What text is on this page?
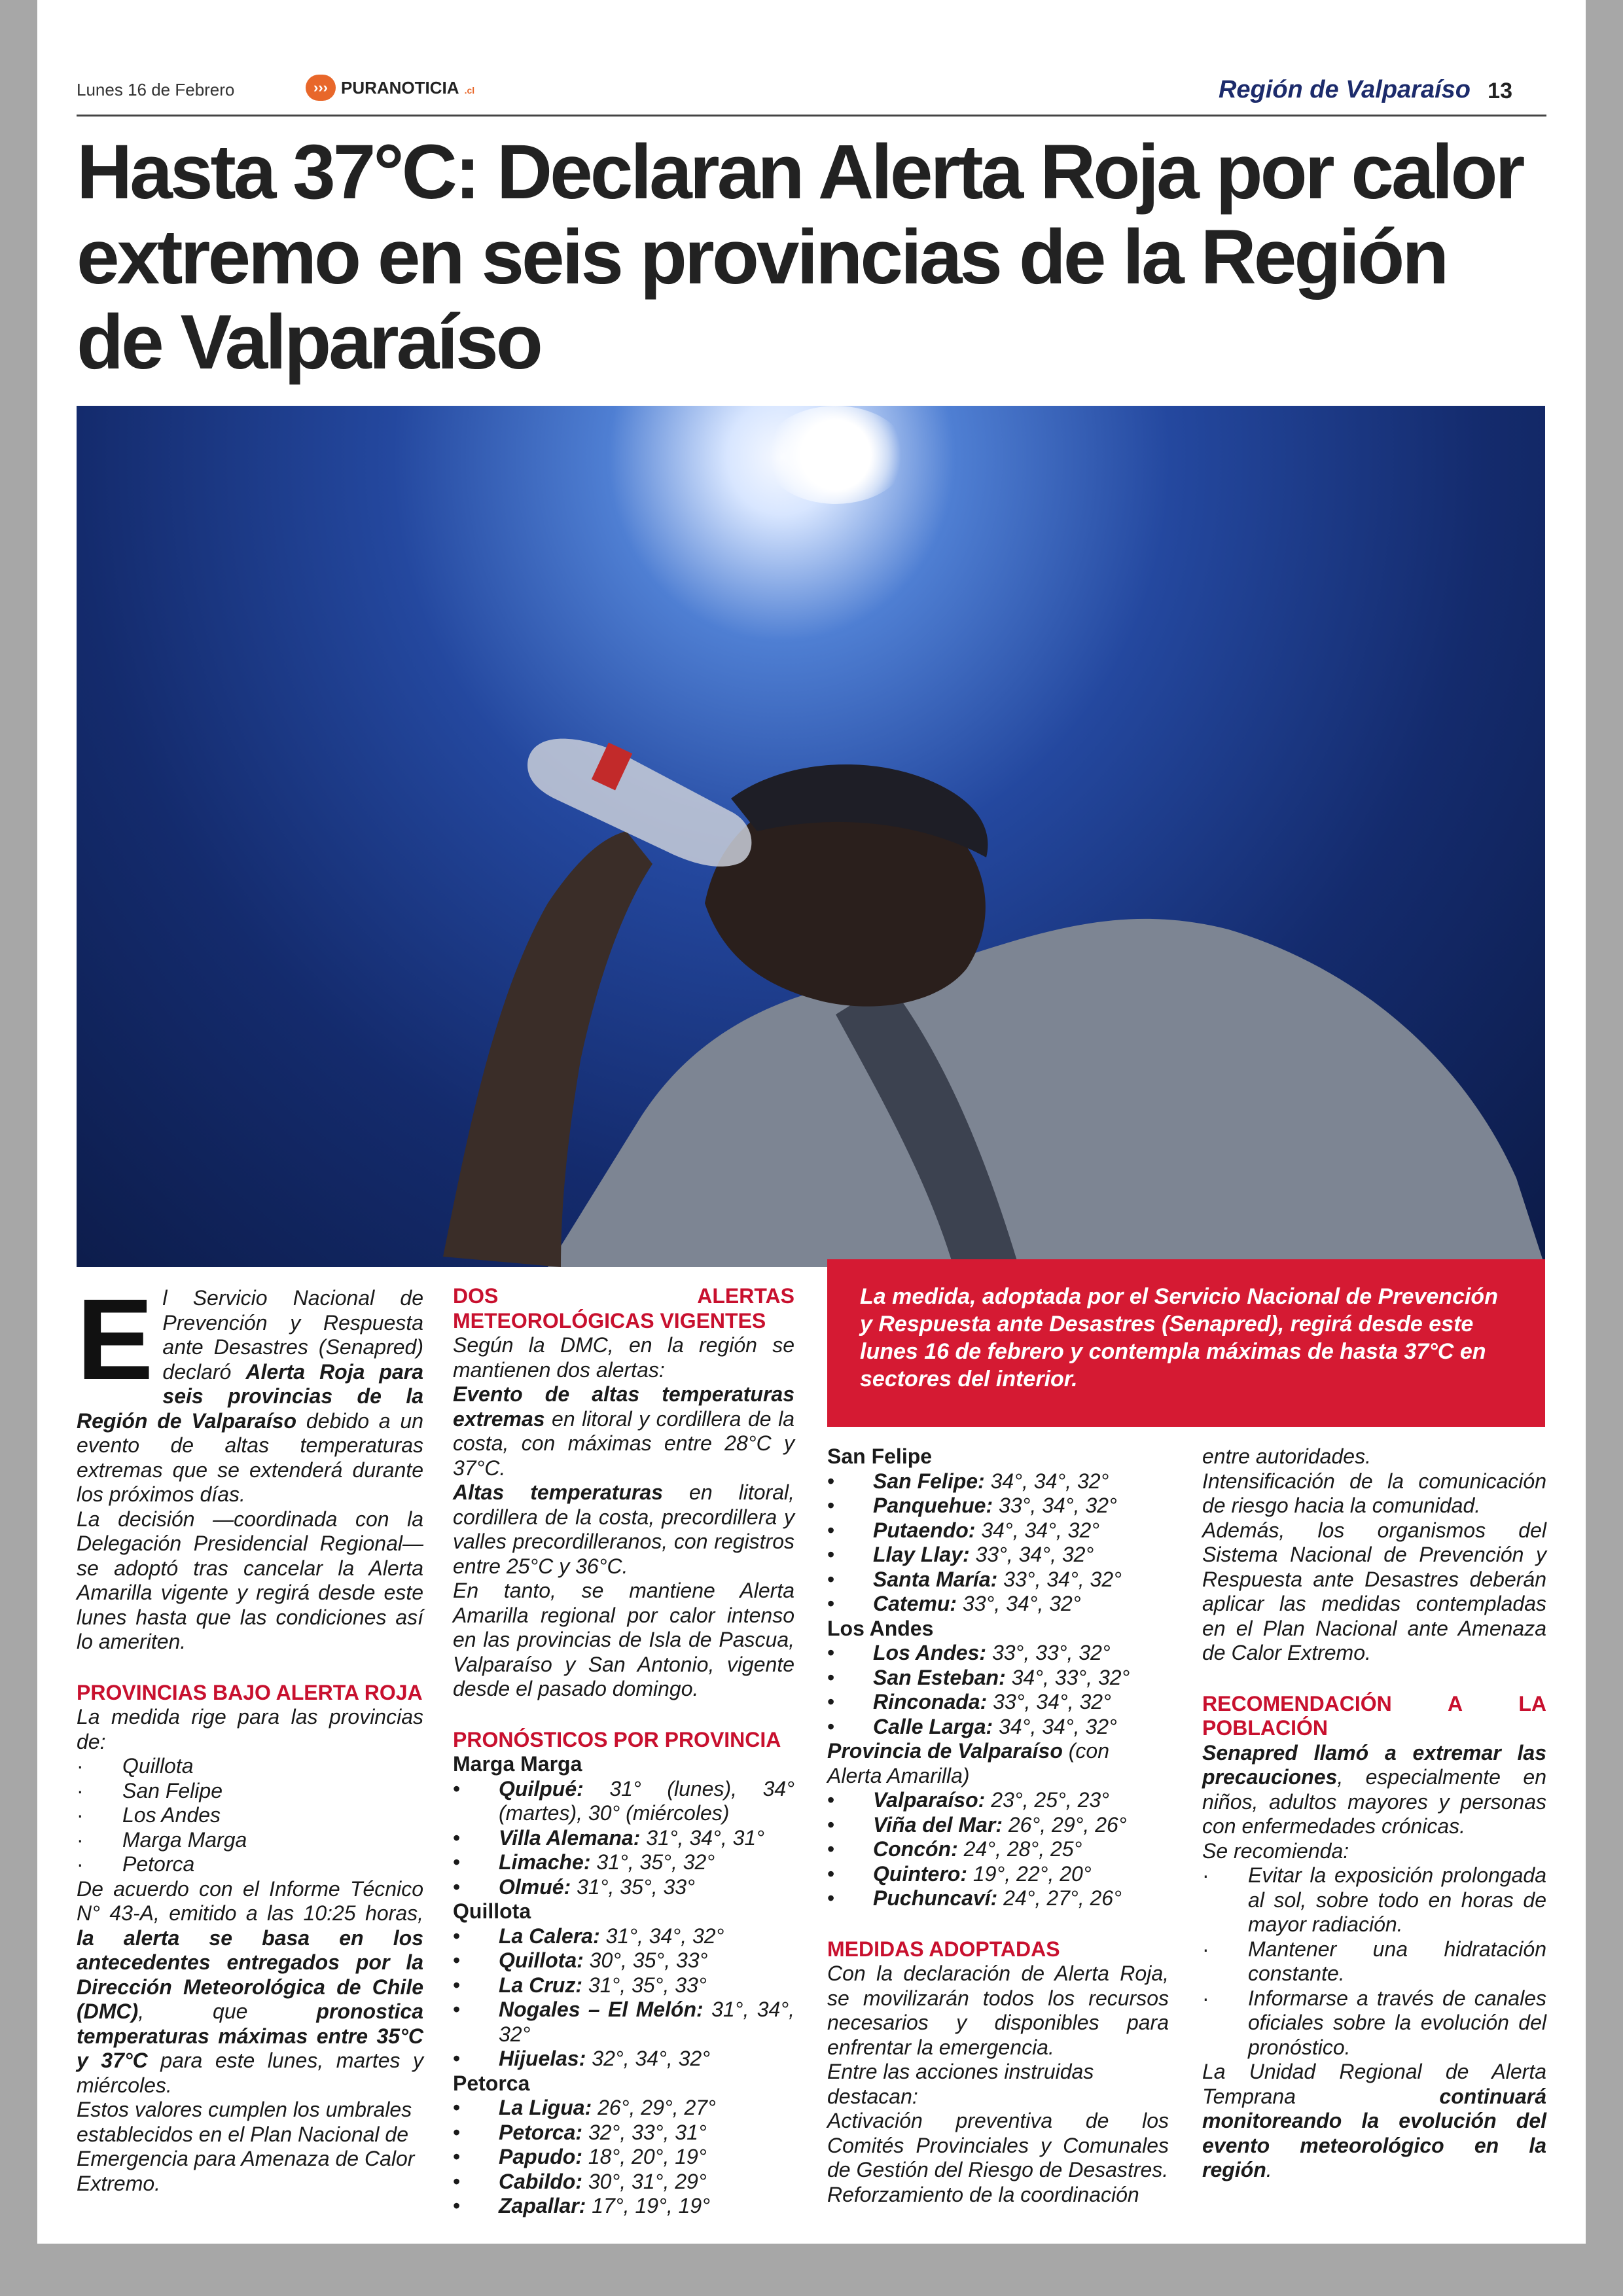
Lunes 16 de Febrero	››› PURANOTICIA .cl	Región de Valparaíso 13
Hasta 37°C: Declaran Alerta Roja por calor extremo en seis provincias de la Región de Valparaíso

El Servicio Nacional de Prevención y Respuesta ante Desastres (Senapred) declaró Alerta Roja para seis provincias de la Región de Valparaíso debido a un evento de altas temperaturas extremas que se extenderá durante los próximos días.

La decisión —coordinada con la Delegación Presidencial Regional— se adoptó tras cancelar la Alerta Amarilla vigente y regirá desde este lunes hasta que las condiciones así lo ameriten.

PROVINCIAS BAJO ALERTA ROJA

La medida rige para las provincias de:

· Quillota
· San Felipe
· Los Andes
· Marga Marga
· Petorca

De acuerdo con el Informe Técnico N° 43-A, emitido a las 10:25 horas, la alerta se basa en los antecedentes entregados por la Dirección Meteorológica de Chile (DMC), que pronostica temperaturas máximas entre 35°C y 37°C para este lunes, martes y miércoles.

Estos valores cumplen los umbrales establecidos en el Plan Nacional de Emergencia para Amenaza de Calor Extremo.

DOS ALERTAS METEOROLÓGICAS VIGENTES

Según la DMC, en la región se mantienen dos alertas:

Evento de altas temperaturas extremas en litoral y cordillera de la costa, con máximas entre 28°C y 37°C.

Altas temperaturas en litoral, cordillera de la costa, precordillera y valles precordilleranos, con registros entre 25°C y 36°C.

En tanto, se mantiene Alerta Amarilla regional por calor intenso en las provincias de Isla de Pascua, Valparaíso y San Antonio, vigente desde el pasado domingo.

PRONÓSTICOS POR PROVINCIA

Marga Marga
• Quilpué: 31° (lunes), 34° (martes), 30° (miércoles)
• Villa Alemana: 31°, 34°, 31°
• Limache: 31°, 35°, 32°
• Olmué: 31°, 35°, 33°
Quillota
• La Calera: 31°, 34°, 32°
• Quillota: 30°, 35°, 33°
• La Cruz: 31°, 35°, 33°
• Nogales – El Melón: 31°, 34°, 32°
• Hijuelas: 32°, 34°, 32°
Petorca
• La Ligua: 26°, 29°, 27°
• Petorca: 32°, 33°, 31°
• Papudo: 18°, 20°, 19°
• Cabildo: 30°, 31°, 29°
• Zapallar: 17°, 19°, 19°

La medida, adoptada por el Servicio Nacional de Prevención y Respuesta ante Desastres (Senapred), regirá desde este lunes 16 de febrero y contempla máximas de hasta 37°C en sectores del interior.

San Felipe
• San Felipe: 34°, 34°, 32°
• Panquehue: 33°, 34°, 32°
• Putaendo: 34°, 34°, 32°
• Llay Llay: 33°, 34°, 32°
• Santa María: 33°, 34°, 32°
• Catemu: 33°, 34°, 32°
Los Andes
• Los Andes: 33°, 33°, 32°
• San Esteban: 34°, 33°, 32°
• Rinconada: 33°, 34°, 32°
• Calle Larga: 34°, 34°, 32°
Provincia de Valparaíso (con Alerta Amarilla)
• Valparaíso: 23°, 25°, 23°
• Viña del Mar: 26°, 29°, 26°
• Concón: 24°, 28°, 25°
• Quintero: 19°, 22°, 20°
• Puchuncaví: 24°, 27°, 26°

MEDIDAS ADOPTADAS

Con la declaración de Alerta Roja, se movilizarán todos los recursos necesarios y disponibles para enfrentar la emergencia.

Entre las acciones instruidas destacan:

Activación preventiva de los Comités Provinciales y Comunales de Gestión del Riesgo de Desastres.

Reforzamiento de la coordinación

entre autoridades.

Intensificación de la comunicación de riesgo hacia la comunidad.

Además, los organismos del Sistema Nacional de Prevención y Respuesta ante Desastres deberán aplicar las medidas contempladas en el Plan Nacional ante Amenaza de Calor Extremo.

RECOMENDACIÓN A LA POBLACIÓN

Senapred llamó a extremar las precauciones, especialmente en niños, adultos mayores y personas con enfermedades crónicas.

Se recomienda:

· Evitar la exposición prolongada al sol, sobre todo en horas de mayor radiación.
· Mantener una hidratación constante.
· Informarse a través de canales oficiales sobre la evolución del pronóstico.

La Unidad Regional de Alerta Temprana continuará monitoreando la evolución del evento meteorológico en la región.
